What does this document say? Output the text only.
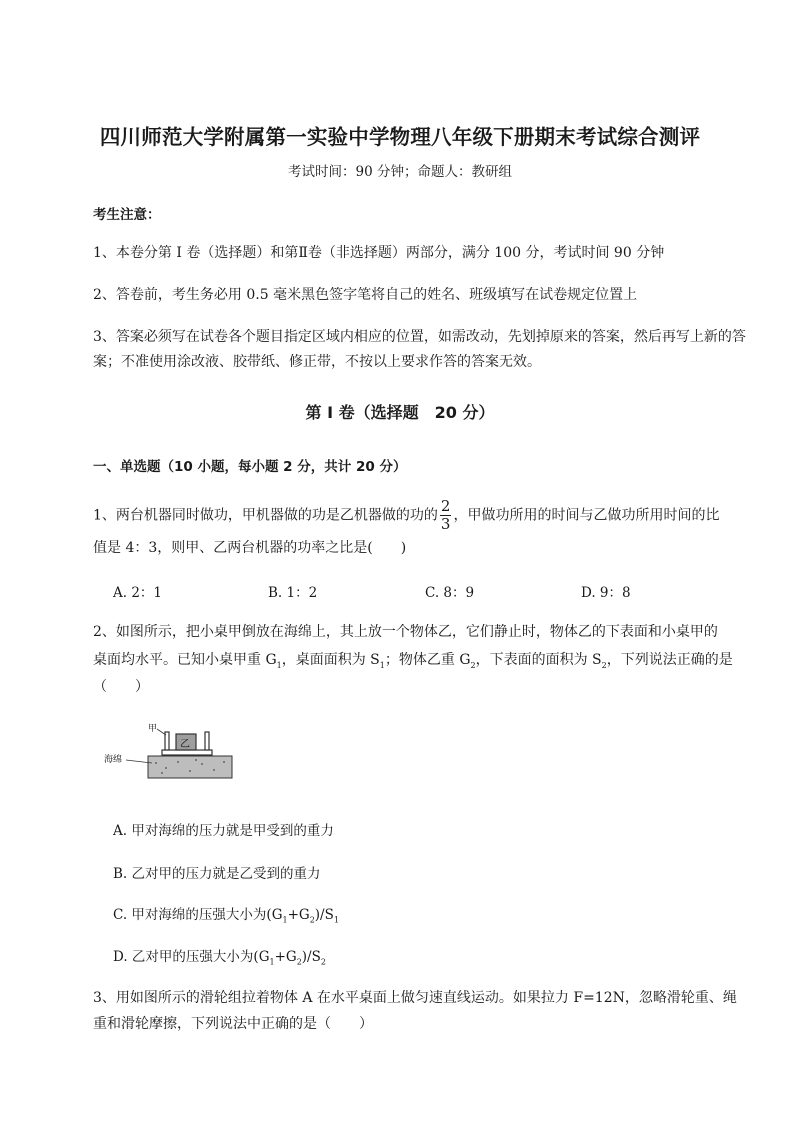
四川师范大学附属第一实验中学物理八年级下册期末考试综合测评
考试时间：90 分钟；命题人：教研组
考生注意：

1、本卷分第 I 卷（选择题）和第Ⅱ卷（非选择题）两部分，满分 100 分，考试时间 90 分钟

2、答卷前，考生务必用 0.5 毫米黑色签字笔将自己的姓名、班级填写在试卷规定位置上

3、答案必须写在试卷各个题目指定区域内相应的位置，如需改动，先划掉原来的答案，然后再写上新的答案；不准使用涂改液、胶带纸、修正带，不按以上要求作答的答案无效。

第 I 卷（选择题　20 分）
一、单选题（10 小题，每小题 2 分，共计 20 分）
1、两台机器同时做功，甲机器做的功是乙机器做的功的 $\frac{2}{3}$ ，甲做功所用的时间与乙做功所用时间的比
值是 4：3，则甲、乙两台机器的功率之比是(　　)
A. 2：1	B. 1：2	C. 8：9	D. 9：8
2、如图所示，把小桌甲倒放在海绵上，其上放一个物体乙，它们静止时，物体乙的下表面和小桌甲的
桌面均水平。已知小桌甲重 $G_1$，桌面面积为 $S_1$；物体乙重 $G_2$，下表面的面积为 $S_2$，下列说法正确的是
（　　）
乙
甲
海绵
A. 甲对海绵的压力就是甲受到的重力
B. 乙对甲的压力就是乙受到的重力
C. 甲对海绵的压强大小为$(G_1+G_2)/S_1$
D. 乙对甲的压强大小为$(G_1+G_2)/S_2$
3、用如图所示的滑轮组拉着物体 A 在水平桌面上做匀速直线运动。如果拉力 F=12N，忽略滑轮重、绳
重和滑轮摩擦，下列说法中正确的是（　　）
